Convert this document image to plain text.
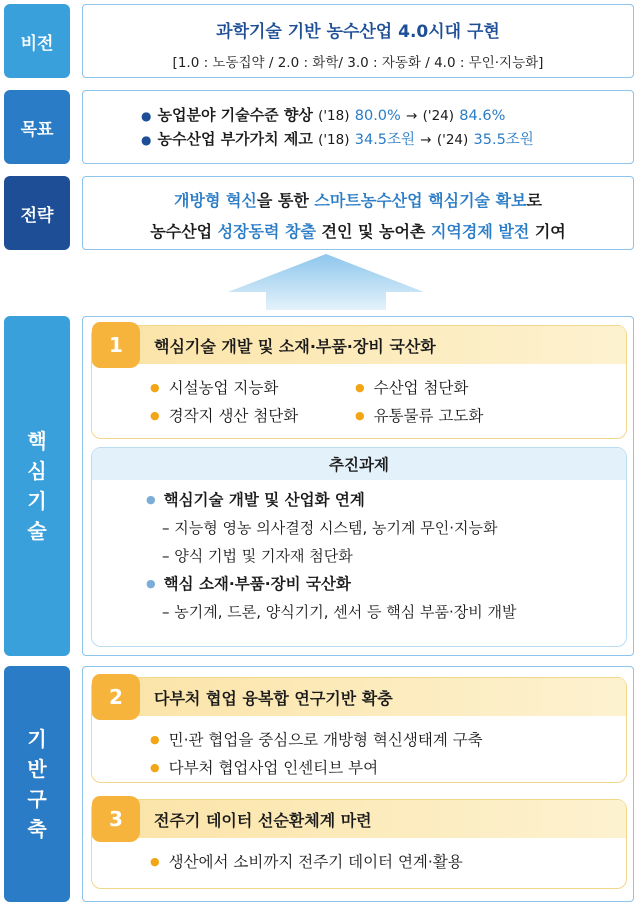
비전
목표
전략
핵
심
기
술
기
반
구
축
과학기술 기반 농수산업 4.0시대 구현
[1.0 : 노동집약 / 2.0 : 화학/ 3.0 : 자동화 / 4.0 : 무인·지능화]
● 농업분야 기술수준 향상 ('18) 80.0% → ('24) 84.6%
● 농수산업 부가가치 제고 ('18) 34.5조원 → ('24) 35.5조원
개방형 혁신을 통한 스마트농수산업 핵심기술 확보로
농수산업 성장동력 창출 견인 및 농어촌 지역경제 발전 기여
1	핵심기술 개발 및 소재·부품·장비 국산화
● 시설농업 지능화	● 수산업 첨단화
● 경작지 생산 첨단화	● 유통물류 고도화
추진과제
● 핵심기술 개발 및 산업화 연계
– 지능형 영농 의사결정 시스템, 농기계 무인·지능화
– 양식 기법 및 기자재 첨단화
● 핵심 소재·부품·장비 국산화
– 농기계, 드론, 양식기기, 센서 등 핵심 부품·장비 개발
2	다부처 협업 융복합 연구기반 확충
● 민·관 협업을 중심으로 개방형 혁신생태계 구축
● 다부처 협업사업 인센티브 부여
3	전주기 데이터 선순환체계 마련
● 생산에서 소비까지 전주기 데이터 연계·활용
